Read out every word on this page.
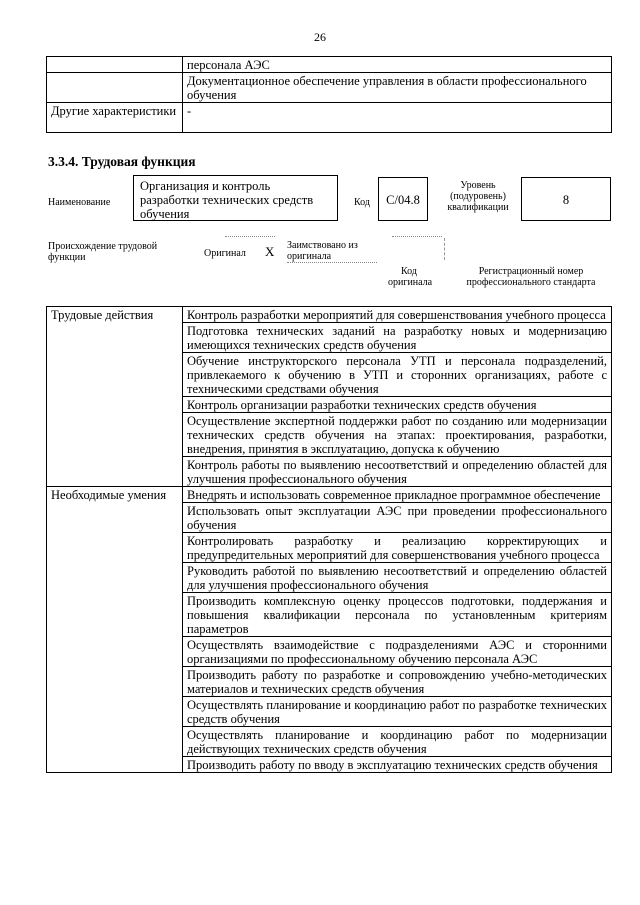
26
	персонала АЭС
	Документационное обеспечение управления в области профессионального обучения
Другие характеристики	-
3.3.4. Трудовая функция
Наименование
Организация и контроль разработки технических средств обучения
Код	C/04.8
Уровень (подуровень) квалификации
8
Происхождение трудовой функции	Оригинал X Заимствовано из оригинала
Код оригинала
Регистрационный номер профессионального стандарта
Трудовые действия	Контроль разработки мероприятий для совершенствования учебного процесса
	Подготовка технических заданий на разработку новых и модернизацию имеющихся технических средств обучения
	Обучение инструкторского персонала УТП и персонала подразделений, привлекаемого к обучению в УТП и сторонних организациях, работе с техническими средствами обучения
	Контроль организации разработки технических средств обучения
	Осуществление экспертной поддержки работ по созданию или модернизации технических средств обучения на этапах: проектирования, разработки, внедрения, принятия в эксплуатацию, допуска к обучению
	Контроль работы по выявлению несоответствий и определению областей для улучшения профессионального обучения
Необходимые умения	Внедрять и использовать современное прикладное программное обеспечение
	Использовать опыт эксплуатации АЭС при проведении профессионального обучения
	Контролировать разработку и реализацию корректирующих и предупредительных мероприятий для совершенствования учебного процесса
	Руководить работой по выявлению несоответствий и определению областей для улучшения профессионального обучения
	Производить комплексную оценку процессов подготовки, поддержания и повышения квалификации персонала по установленным критериям параметров
	Осуществлять взаимодействие с подразделениями АЭС и сторонними организациями по профессиональному обучению персонала АЭС
	Производить работу по разработке и сопровождению учебно-методических материалов и технических средств обучения
	Осуществлять планирование и координацию работ по разработке технических средств обучения
	Осуществлять планирование и координацию работ по модернизации действующих технических средств обучения
	Производить работу по вводу в эксплуатацию технических средств обучения
